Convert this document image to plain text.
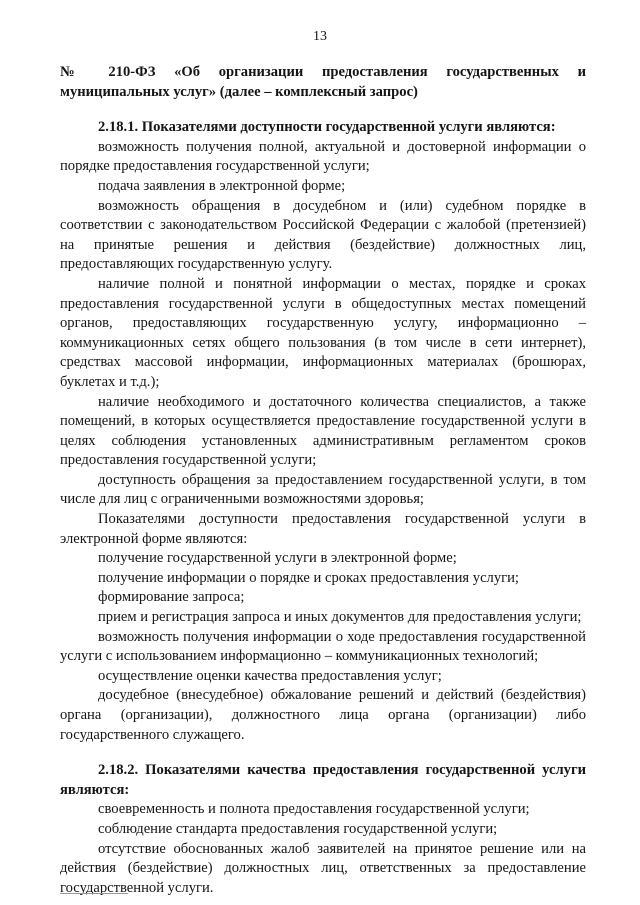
13

№ 210-ФЗ «Об организации предоставления государственных и муниципальных услуг» (далее – комплексный запрос)

2.18.1. Показателями доступности государственной услуги являются:

возможность получения полной, актуальной и достоверной информации о порядке предоставления государственной услуги;

подача заявления в электронной форме;

возможность обращения в досудебном и (или) судебном порядке в соответствии с законодательством Российской Федерации с жалобой (претензией) на принятые решения и действия (бездействие) должностных лиц, предоставляющих государственную услугу.

наличие полной и понятной информации о местах, порядке и сроках предоставления государственной услуги в общедоступных местах помещений органов, предоставляющих государственную услугу, информационно – коммуникационных сетях общего пользования (в том числе в сети интернет), средствах массовой информации, информационных материалах (брошюрах, буклетах и т.д.);

наличие необходимого и достаточного количества специалистов, а также помещений, в которых осуществляется предоставление государственной услуги в целях соблюдения установленных административным регламентом сроков предоставления государственной услуги;

доступность обращения за предоставлением государственной услуги, в том числе для лиц с ограниченными возможностями здоровья;

Показателями доступности предоставления государственной услуги в электронной форме являются:

получение государственной услуги в электронной форме;

получение информации о порядке и сроках предоставления услуги;

формирование запроса;

прием и регистрация запроса и иных документов для предоставления услуги;

возможность получения информации о ходе предоставления государственной услуги с использованием информационно – коммуникационных технологий;

осуществление оценки качества предоставления услуг;

досудебное (внесудебное) обжалование решений и действий (бездействия) органа (организации), должностного лица органа (организации) либо государственного служащего.

2.18.2. Показателями качества предоставления государственной услуги являются:

своевременность и полнота предоставления государственной услуги;

соблюдение стандарта предоставления государственной услуги;

отсутствие обоснованных жалоб заявителей на принятое решение или на действия (бездействие) должностных лиц, ответственных за предоставление государственной услуги.
